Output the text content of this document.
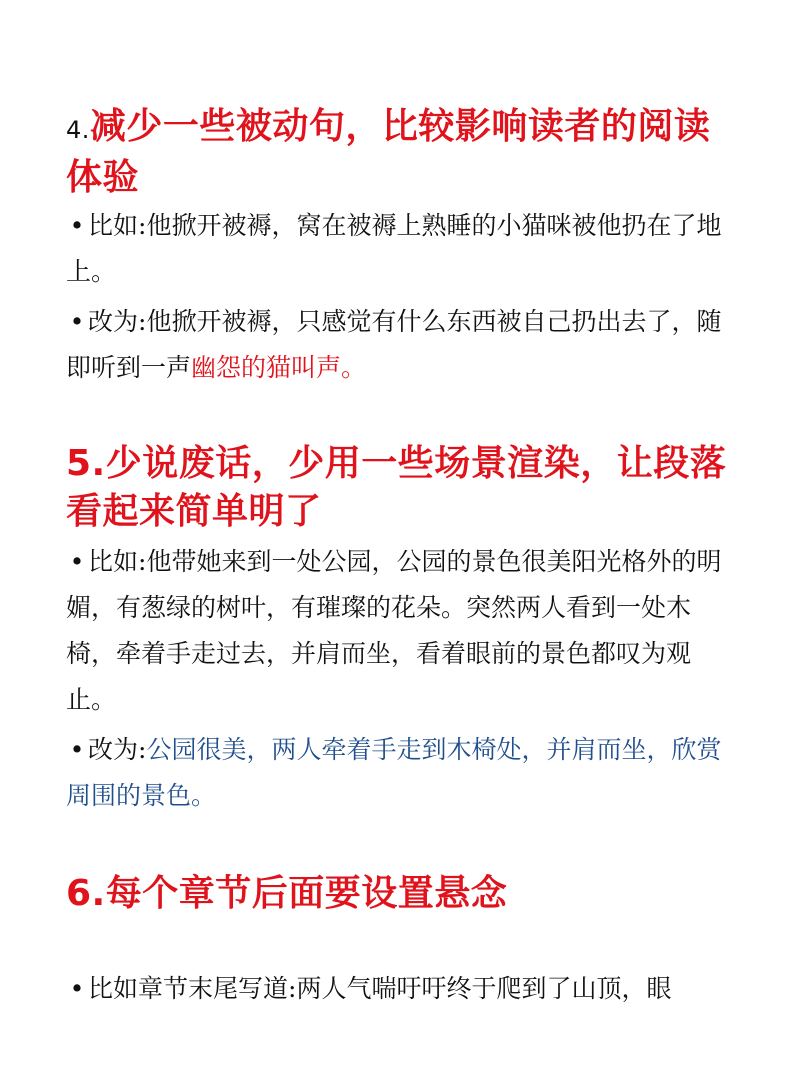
4.减少一些被动句，比较影响读者的阅读体验

• 比如:他掀开被褥，窝在被褥上熟睡的小猫咪被他扔在了地上。

• 改为:他掀开被褥，只感觉有什么东西被自己扔出去了，随即听到一声幽怨的猫叫声。

5.少说废话，少用一些场景渲染，让段落看起来简单明了

• 比如:他带她来到一处公园，公园的景色很美阳光格外的明媚，有葱绿的树叶，有璀璨的花朵。突然两人看到一处木椅，牵着手走过去，并肩而坐，看着眼前的景色都叹为观止。

• 改为:公园很美，两人牵着手走到木椅处，并肩而坐，欣赏周围的景色。

6.每个章节后面要设置悬念

• 比如章节末尾写道:两人气喘吁吁终于爬到了山顶，眼
